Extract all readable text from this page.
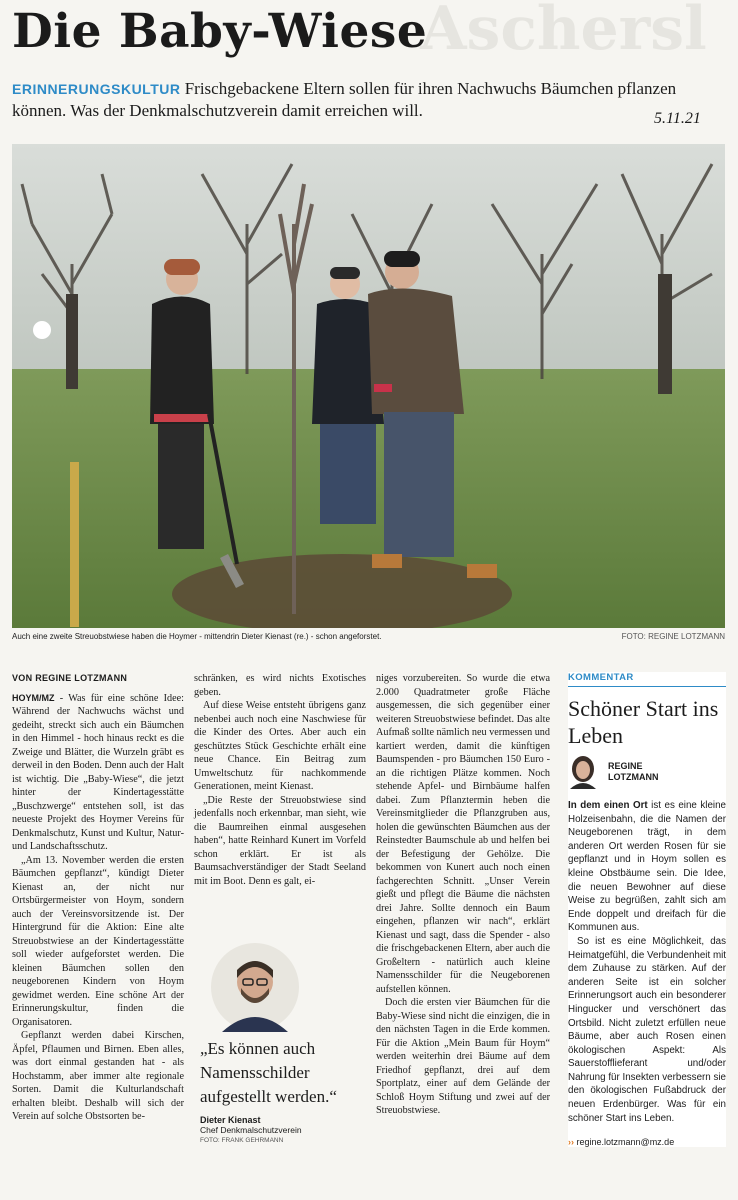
Aschersl
Die Baby-Wiese
ERINNERUNGSKULTUR Frischgebackene Eltern sollen für ihren Nachwuchs Bäumchen pflanzen können. Was der Denkmalschutzverein damit erreichen will.	5.11.21
Auch eine zweite Streuobstwiese haben die Hoymer - mittendrin Dieter Kienast (re.) - schon angeforstet.	FOTO: REGINE LOTZMANN
VON REGINE LOTZMANN

HOYM/MZ - Was für eine schöne Idee: Während der Nachwuchs wächst und gedeiht, streckt sich auch ein Bäumchen in den Himmel - hoch hinaus reckt es die Zweige und Blätter, die Wurzeln gräbt es derweil in den Boden. Denn auch der Halt ist wichtig. Die „Baby-Wiese“, die jetzt hinter der Kindertagesstätte „Buschzwerge“ entstehen soll, ist das neueste Projekt des Hoymer Vereins für Denkmalschutz, Kunst und Kultur, Natur- und Landschaftsschutz.

„Am 13. November werden die ersten Bäumchen gepflanzt“, kündigt Dieter Kienast an, der nicht nur Ortsbürgermeister von Hoym, sondern auch der Vereinsvorsitzende ist. Der Hintergrund für die Aktion: Eine alte Streuobstwiese an der Kindertagesstätte soll wieder aufgeforstet werden. Die kleinen Bäumchen sollen den neugeborenen Kindern von Hoym gewidmet werden. Eine schöne Art der Erinnerungskultur, finden die Organisatoren.

Gepflanzt werden dabei Kirschen, Äpfel, Pflaumen und Birnen. Eben alles, was dort einmal gestanden hat - als Hochstamm, aber immer alte regionale Sorten. Damit die Kulturlandschaft erhalten bleibt. Deshalb will sich der Verein auf solche Obstsorten be-

schränken, es wird nichts Exotisches geben.

Auf diese Weise entsteht übrigens ganz nebenbei auch noch eine Naschwiese für die Kinder des Ortes. Aber auch ein geschütztes Stück Geschichte erhält eine neue Chance. Ein Beitrag zum Umweltschutz für nachkommende Generationen, meint Kienast.

„Die Reste der Streuobstwiese sind jedenfalls noch erkennbar, man sieht, wie die Baumreihen einmal ausgesehen haben“, hatte Reinhard Kunert im Vorfeld schon erklärt. Er ist als Baumsachverständiger der Stadt Seeland mit im Boot. Denn es galt, ei-

„Es können auch Namensschilder aufgestellt werden.“
Dieter Kienast
Chef Denkmalschutzverein
FOTO: FRANK GEHRMANN

niges vorzubereiten. So wurde die etwa 2.000 Quadratmeter große Fläche ausgemessen, die sich gegenüber einer weiteren Streuobstwiese befindet. Das alte Aufmaß sollte nämlich neu vermessen und kartiert werden, damit die künftigen Baumspenden - pro Bäumchen 150 Euro - an die richtigen Plätze kommen. Noch stehende Apfel- und Birnbäume halfen dabei. Zum Pflanztermin heben die Vereinsmitglieder die Pflanzgruben aus, holen die gewünschten Bäumchen aus der Reinstedter Baumschule ab und helfen bei der Befestigung der Gehölze. Die bekommen von Kunert auch noch einen fachgerechten Schnitt. „Unser Verein gießt und pflegt die Bäume die nächsten drei Jahre. Sollte dennoch ein Baum eingehen, pflanzen wir nach“, erklärt Kienast und sagt, dass die Spender - also die frischgebackenen Eltern, aber auch die Großeltern - natürlich auch kleine Namensschilder für die Neugeborenen aufstellen können.

Doch die ersten vier Bäumchen für die Baby-Wiese sind nicht die einzigen, die in den nächsten Tagen in die Erde kommen. Für die Aktion „Mein Baum für Hoym“ werden weiterhin drei Bäume auf dem Friedhof gepflanzt, drei auf dem Sportplatz, einer auf dem Gelände der Schloß Hoym Stiftung und zwei auf der Streuobstwiese.

KOMMENTAR
Schöner Start ins Leben
REGINE
LOTZMANN

In dem einen Ort ist es eine kleine Holzeisenbahn, die die Namen der Neugeborenen trägt, in dem anderen Ort werden Rosen für sie gepflanzt und in Hoym sollen es kleine Obstbäume sein. Die Idee, die neuen Bewohner auf diese Weise zu begrüßen, zahlt sich am Ende doppelt und dreifach für die Kommunen aus.

So ist es eine Möglichkeit, das Heimatgefühl, die Verbundenheit mit dem Zuhause zu stärken. Auf der anderen Seite ist ein solcher Erinnerungsort auch ein besonderer Hingucker und verschönert das Ortsbild. Nicht zuletzt erfüllen neue Bäume, aber auch Rosen einen ökologischen Aspekt: Als Sauerstofflieferant und/oder Nahrung für Insekten verbessern sie den ökologischen Fußabdruck der neuen Erdenbürger. Was für ein schöner Start ins Leben.

›› regine.lotzmann@mz.de
